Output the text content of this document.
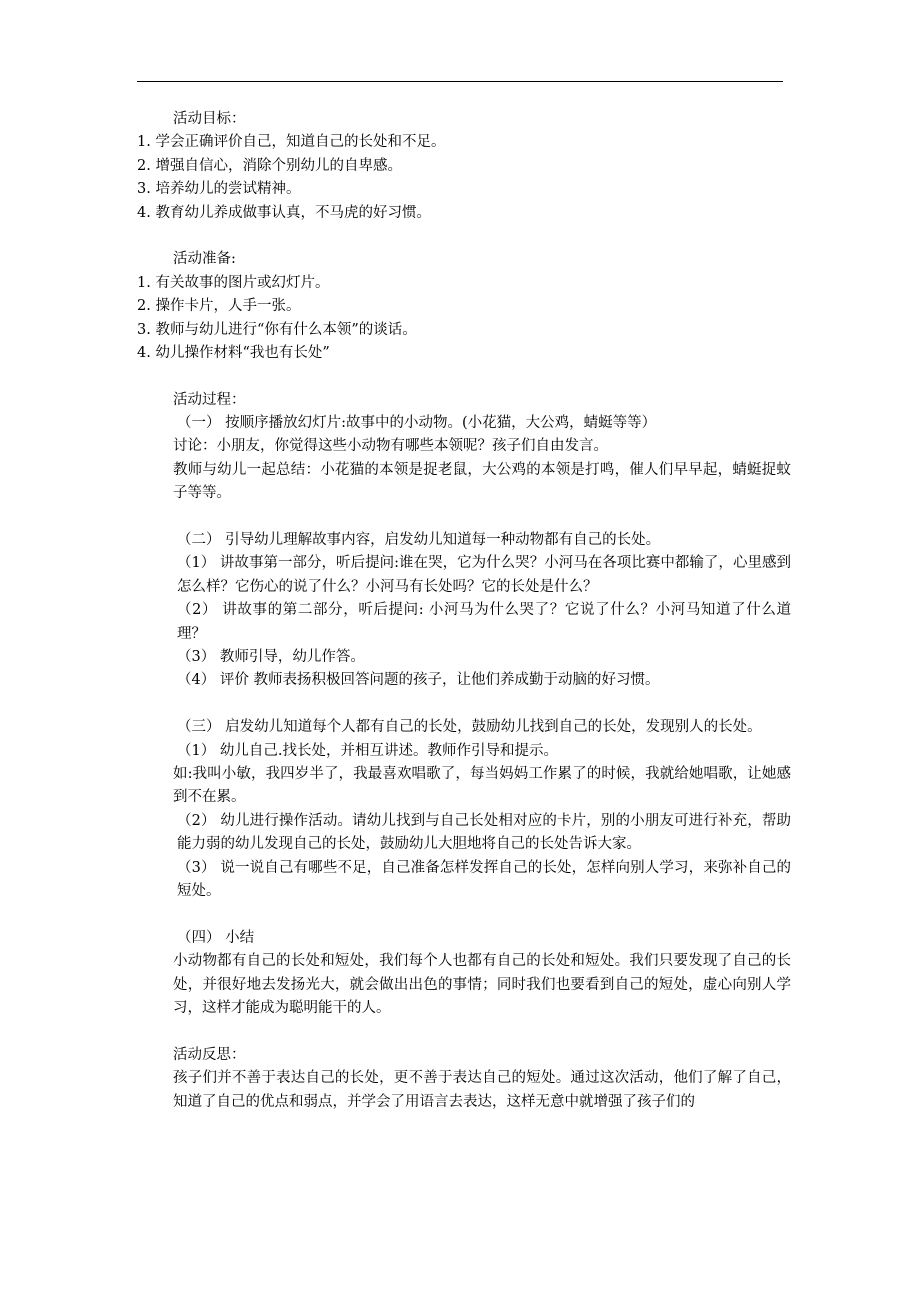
活动目标：
1. 学会正确评价自己，知道自己的长处和不足。
2. 增强自信心，消除个别幼儿的自卑感。
3. 培养幼儿的尝试精神。
4. 教育幼儿养成做事认真，不马虎的好习惯。
活动准备:
1. 有关故事的图片或幻灯片。
2. 操作卡片，人手一张。
3. 教师与幼儿进行“你有什么本领”的谈话。
4. 幼儿操作材料“我也有长处”
活动过程：
（一） 按顺序播放幻灯片:故事中的小动物。(小花猫，大公鸡，蜻蜓等等）
讨论：小朋友，你觉得这些小动物有哪些本领呢？孩子们自由发言。
教师与幼儿一起总结：小花猫的本领是捉老鼠，大公鸡的本领是打鸣，催人们早早起，蜻蜓捉蚊子等等。
（二） 引导幼儿理解故事内容，启发幼儿知道每一种动物都有自己的长处。
（1） 讲故事第一部分，听后提问:谁在哭，它为什么哭？小河马在各项比赛中都输了，心里感到怎么样？它伤心的说了什么？小河马有长处吗？它的长处是什么？
（2） 讲故事的第二部分，听后提问: 小河马为什么哭了？它说了什么？小河马知道了什么道理？
（3） 教师引导，幼儿作答。
（4） 评价 教师表扬积极回答问题的孩子，让他们养成勤于动脑的好习惯。
（三） 启发幼儿知道每个人都有自己的长处，鼓励幼儿找到自己的长处，发现别人的长处。
（1） 幼儿自己.找长处，并相互讲述。教师作引导和提示。
如:我叫小敏，我四岁半了，我最喜欢唱歌了，每当妈妈工作累了的时候，我就给她唱歌，让她感到不在累。
（2） 幼儿进行操作活动。请幼儿找到与自己长处相对应的卡片，别的小朋友可进行补充，帮助能力弱的幼儿发现自己的长处，鼓励幼儿大胆地将自己的长处告诉大家。
（3） 说一说自己有哪些不足，自己准备怎样发挥自己的长处，怎样向别人学习，来弥补自己的短处。
（四） 小结
小动物都有自己的长处和短处，我们每个人也都有自己的长处和短处。我们只要发现了自己的长处，并很好地去发扬光大，就会做出出色的事情；同时我们也要看到自己的短处，虚心向别人学习，这样才能成为聪明能干的人。
活动反思：
孩子们并不善于表达自己的长处，更不善于表达自己的短处。通过这次活动，他们了解了自己，知道了自己的优点和弱点，并学会了用语言去表达，这样无意中就增强了孩子们的
